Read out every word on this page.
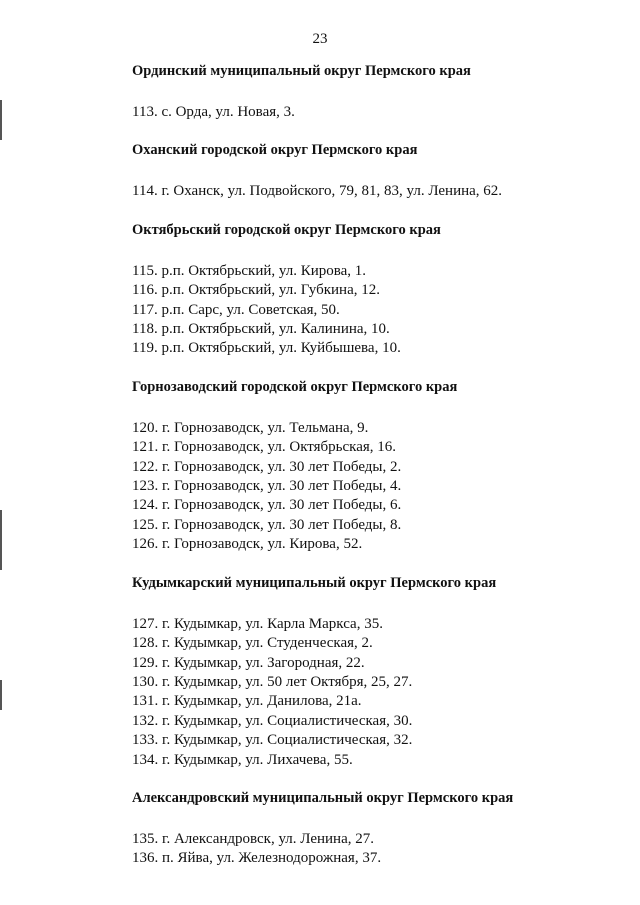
23
Ординский муниципальный округ Пермского края
113. с. Орда, ул. Новая, 3.
Оханский городской округ Пермского края
114. г. Оханск, ул. Подвойского, 79, 81, 83, ул. Ленина, 62.
Октябрьский городской округ Пермского края
115. р.п. Октябрьский, ул. Кирова, 1.
116. р.п. Октябрьский, ул. Губкина, 12.
117. р.п. Сарс, ул. Советская, 50.
118. р.п. Октябрьский, ул. Калинина, 10.
119. р.п. Октябрьский, ул. Куйбышева, 10.
Горнозаводский городской округ Пермского края
120. г. Горнозаводск, ул. Тельмана, 9.
121. г. Горнозаводск, ул. Октябрьская, 16.
122. г. Горнозаводск, ул. 30 лет Победы, 2.
123. г. Горнозаводск, ул. 30 лет Победы, 4.
124. г. Горнозаводск, ул. 30 лет Победы, 6.
125. г. Горнозаводск, ул. 30 лет Победы, 8.
126. г. Горнозаводск, ул. Кирова, 52.
Кудымкарский муниципальный округ Пермского края
127. г. Кудымкар, ул. Карла Маркса, 35.
128. г. Кудымкар, ул. Студенческая, 2.
129. г. Кудымкар, ул. Загородная, 22.
130. г. Кудымкар, ул. 50 лет Октября, 25, 27.
131. г. Кудымкар, ул. Данилова, 21а.
132. г. Кудымкар, ул. Социалистическая, 30.
133. г. Кудымкар, ул. Социалистическая, 32.
134. г. Кудымкар, ул. Лихачева, 55.
Александровский муниципальный округ Пермского края
135. г. Александровск, ул. Ленина, 27.
136. п. Яйва, ул. Железнодорожная, 37.
